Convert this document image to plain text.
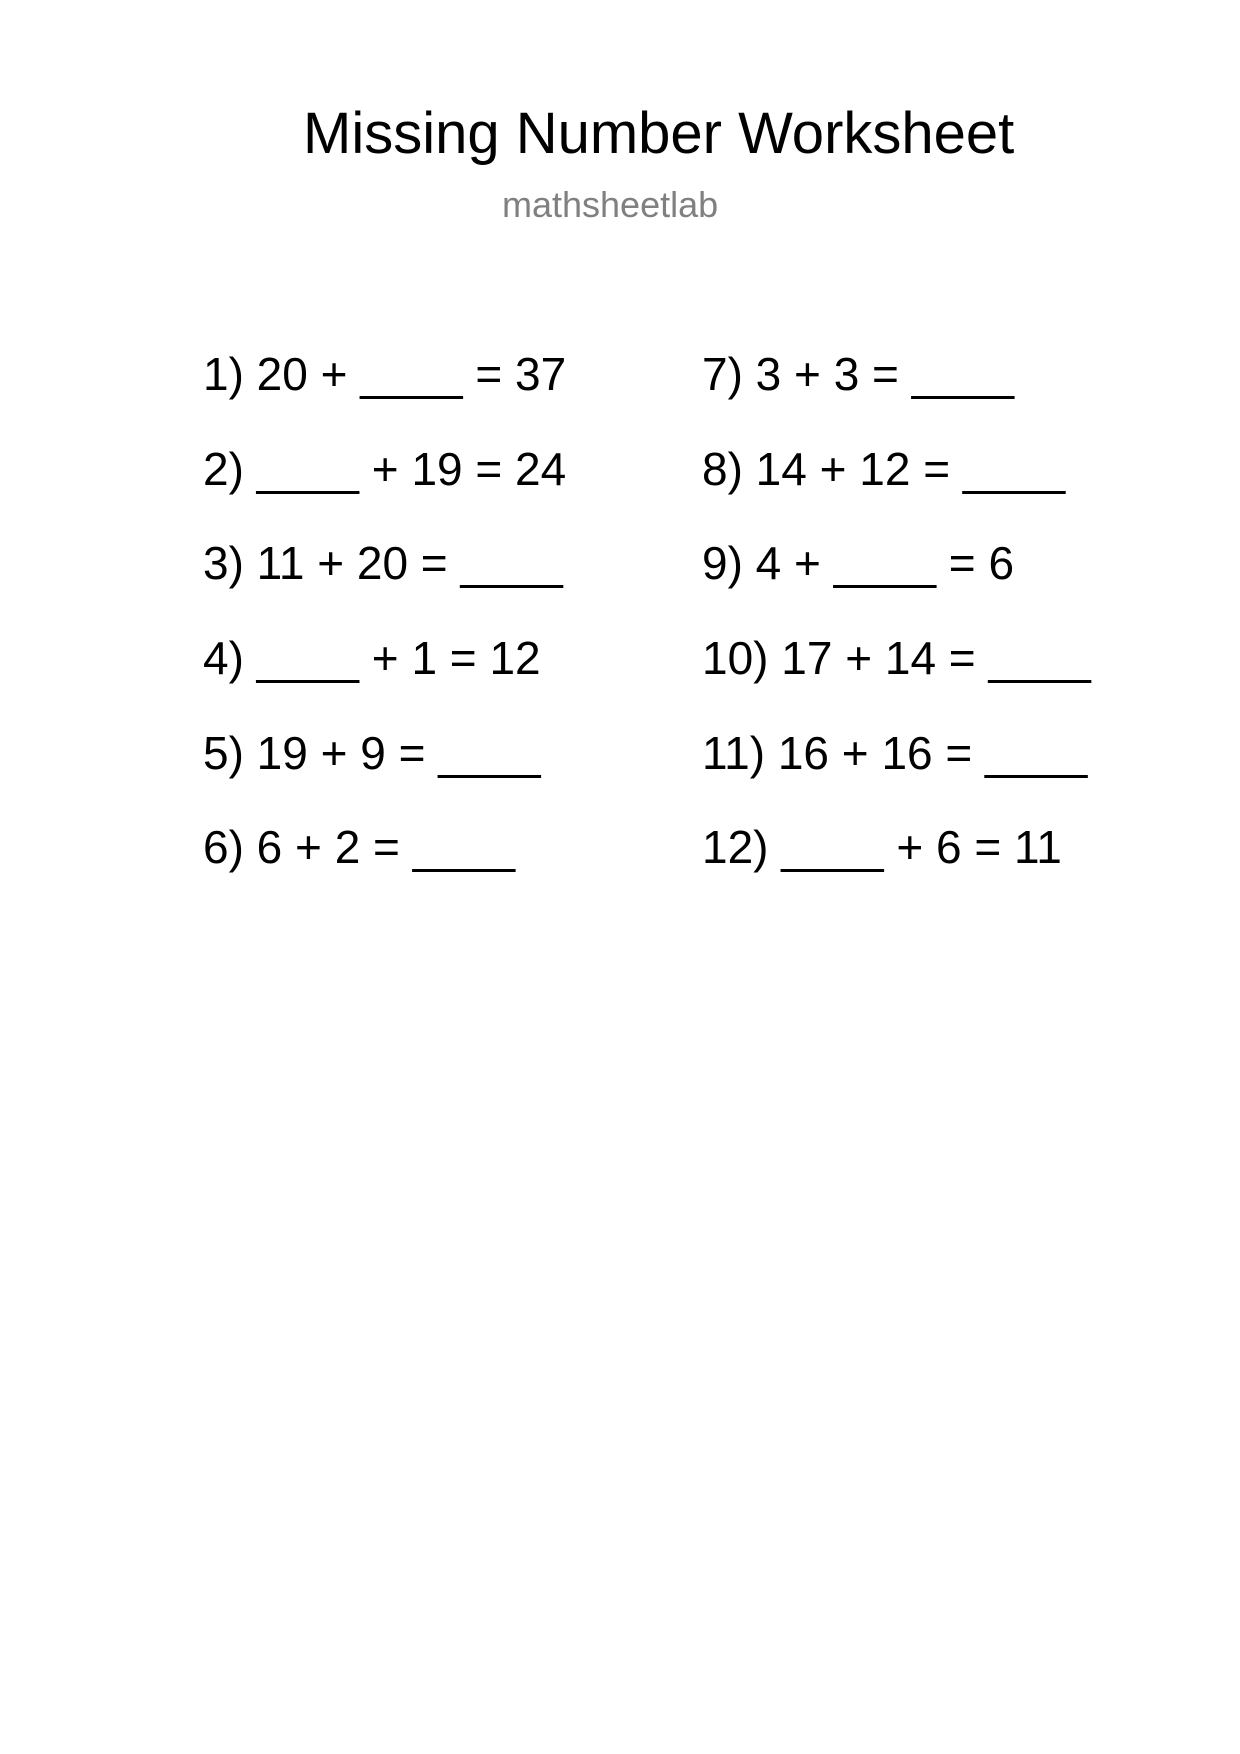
Missing Number Worksheet
mathsheetlab
1) 20 + ____ = 37
2) ____ + 19 = 24
3) 11 + 20 = ____
4) ____ + 1 = 12
5) 19 + 9 = ____
6) 6 + 2 = ____
7) 3 + 3 = ____
8) 14 + 12 = ____
9) 4 + ____ = 6
10) 17 + 14 = ____
11) 16 + 16 = ____
12) ____ + 6 = 11
